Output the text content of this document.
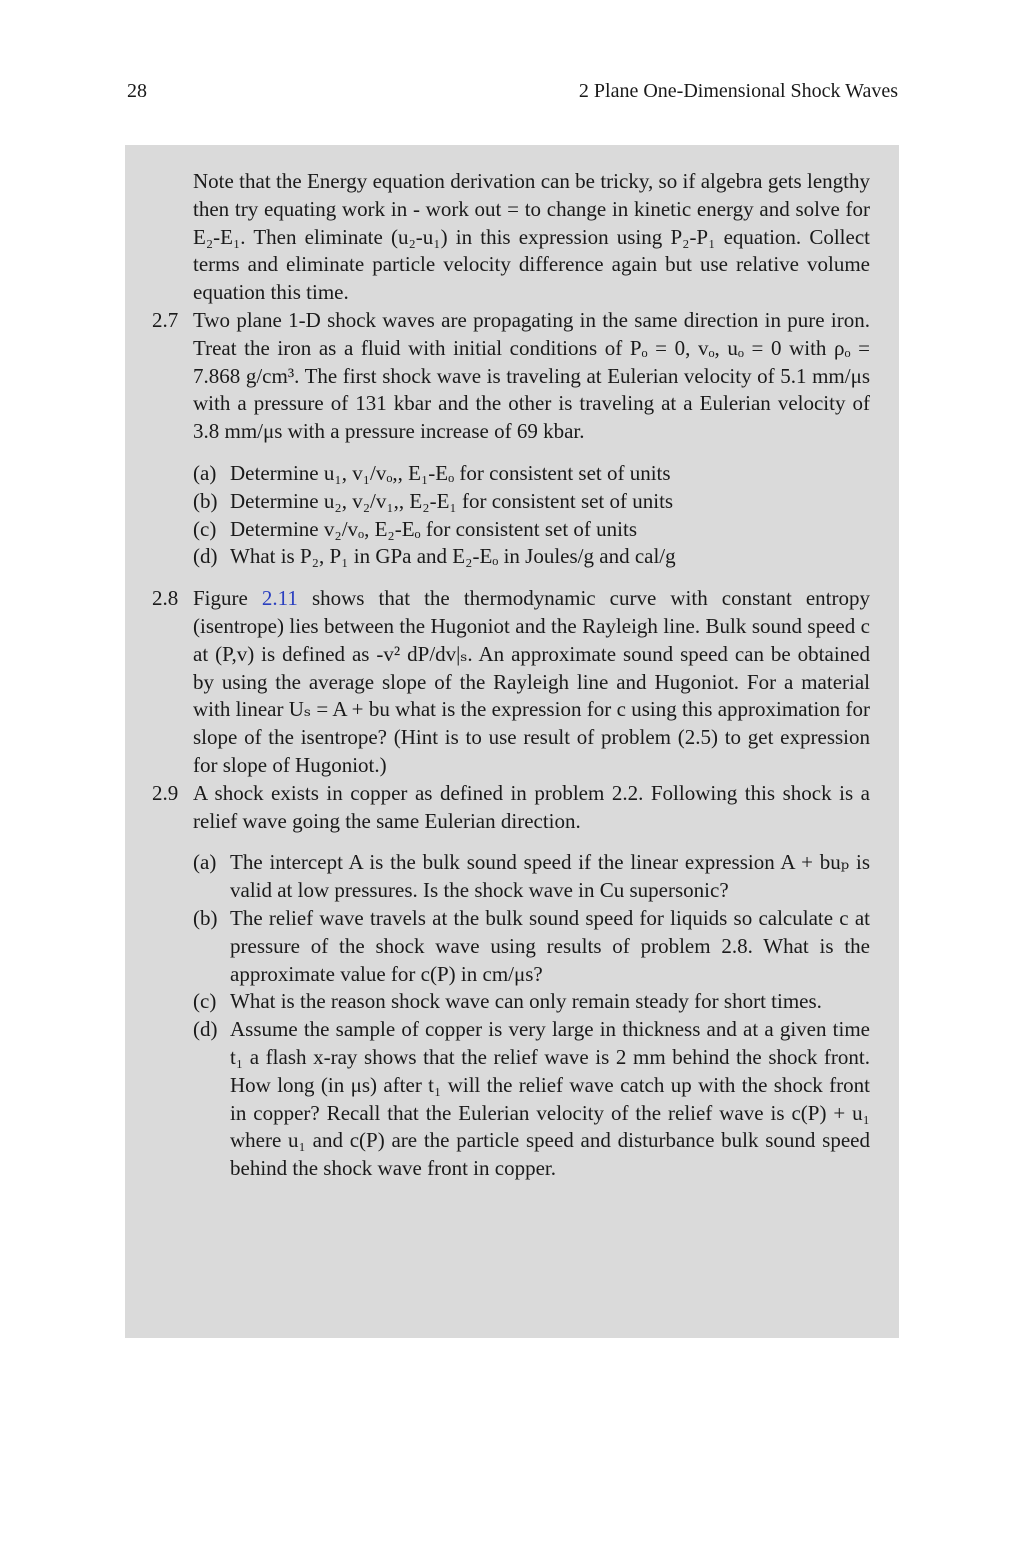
28	2 Plane One-Dimensional Shock Waves

Note that the Energy equation derivation can be tricky, so if algebra gets lengthy then try equating work in - work out = to change in kinetic energy and solve for E₂-E₁. Then eliminate (u₂-u₁) in this expression using P₂-P₁ equation. Collect terms and eliminate particle velocity difference again but use relative volume equation this time.

2.7 Two plane 1-D shock waves are propagating in the same direction in pure iron. Treat the iron as a fluid with initial conditions of Pₒ = 0, vₒ, uₒ = 0 with ρₒ = 7.868 g/cm³. The first shock wave is traveling at Eulerian velocity of 5.1 mm/μs with a pressure of 131 kbar and the other is traveling at a Eulerian velocity of 3.8 mm/μs with a pressure increase of 69 kbar.

(a) Determine u₁, v₁/vₒ,, E₁-Eₒ for consistent set of units
(b) Determine u₂, v₂/v₁,, E₂-E₁ for consistent set of units
(c) Determine v₂/vₒ, E₂-Eₒ for consistent set of units
(d) What is P₂, P₁ in GPa and E₂-Eₒ in Joules/g and cal/g
2.8 Figure 2.11 shows that the thermodynamic curve with constant entropy (isentrope) lies between the Hugoniot and the Rayleigh line. Bulk sound speed c at (P,v) is defined as -v² dP/dv|ₛ. An approximate sound speed can be obtained by using the average slope of the Rayleigh line and Hugoniot. For a material with linear Uₛ = A + bu what is the expression for c using this approximation for slope of the isentrope? (Hint is to use result of problem (2.5) to get expression for slope of Hugoniot.)

2.9 A shock exists in copper as defined in problem 2.2. Following this shock is a relief wave going the same Eulerian direction.

(a) The intercept A is the bulk sound speed if the linear expression A + buₚ is valid at low pressures. Is the shock wave in Cu supersonic?
(b) The relief wave travels at the bulk sound speed for liquids so calculate c at pressure of the shock wave using results of problem 2.8. What is the approximate value for c(P) in cm/μs?
(c) What is the reason shock wave can only remain steady for short times.
(d) Assume the sample of copper is very large in thickness and at a given time t₁ a flash x-ray shows that the relief wave is 2 mm behind the shock front. How long (in μs) after t₁ will the relief wave catch up with the shock front in copper? Recall that the Eulerian velocity of the relief wave is c(P) + u₁ where u₁ and c(P) are the particle speed and disturbance bulk sound speed behind the shock wave front in copper.
